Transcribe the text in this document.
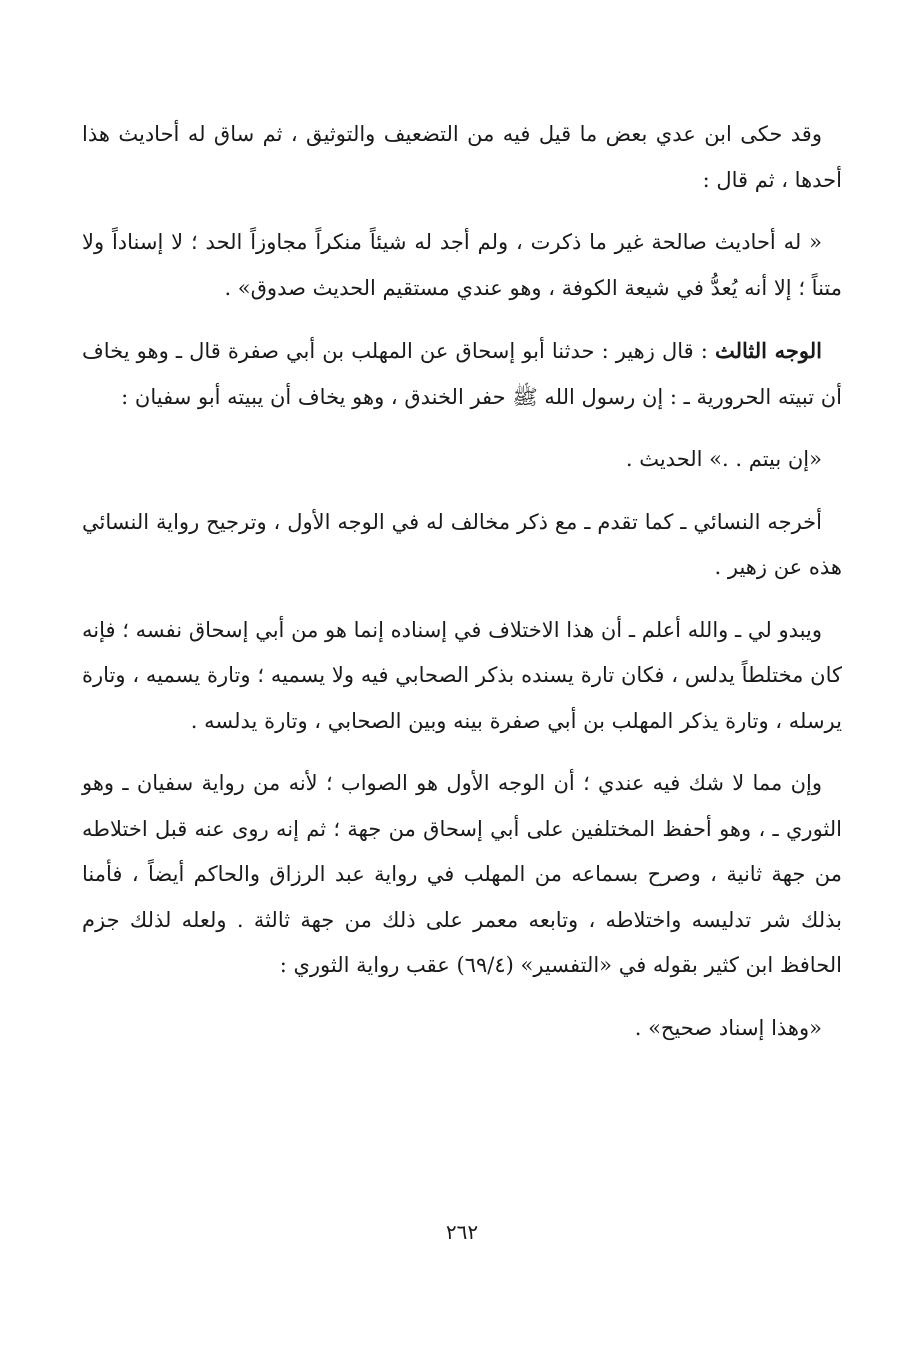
وقد حكى ابن عدي بعض ما قيل فيه من التضعيف والتوثيق ، ثم ساق له أحاديث هذا أحدها ، ثم قال :

« له أحاديث صالحة غير ما ذكرت ، ولم أجد له شيئاً منكراً مجاوزاً الحد ؛ لا إسناداً ولا متناً ؛ إلا أنه يُعدُّ في شيعة الكوفة ، وهو عندي مستقيم الحديث صدوق» .

الوجه الثالث : قال زهير : حدثنا أبو إسحاق عن المهلب بن أبي صفرة قال ـ وهو يخاف أن تبيته الحرورية ـ : إن رسول الله ﷺ حفر الخندق ، وهو يخاف أن يبيته أبو سفيان :

«إن بيتم . .» الحديث .

أخرجه النسائي ـ كما تقدم ـ مع ذكر مخالف له في الوجه الأول ، وترجيح رواية النسائي هذه عن زهير .

ويبدو لي ـ والله أعلم ـ أن هذا الاختلاف في إسناده إنما هو من أبي إسحاق نفسه ؛ فإنه كان مختلطاً يدلس ، فكان تارة يسنده بذكر الصحابي فيه ولا يسميه ؛ وتارة يسميه ، وتارة يرسله ، وتارة يذكر المهلب بن أبي صفرة بينه وبين الصحابي ، وتارة يدلسه .

وإن مما لا شك فيه عندي ؛ أن الوجه الأول هو الصواب ؛ لأنه من رواية سفيان ـ وهو الثوري ـ ، وهو أحفظ المختلفين على أبي إسحاق من جهة ؛ ثم إنه روى عنه قبل اختلاطه من جهة ثانية ، وصرح بسماعه من المهلب في رواية عبد الرزاق والحاكم أيضاً ، فأمنا بذلك شر تدليسه واختلاطه ، وتابعه معمر على ذلك من جهة ثالثة . ولعله لذلك جزم الحافظ ابن كثير بقوله في «التفسير» (٦٩/٤) عقب رواية الثوري :

«وهذا إسناد صحيح» .

٢٦٢
